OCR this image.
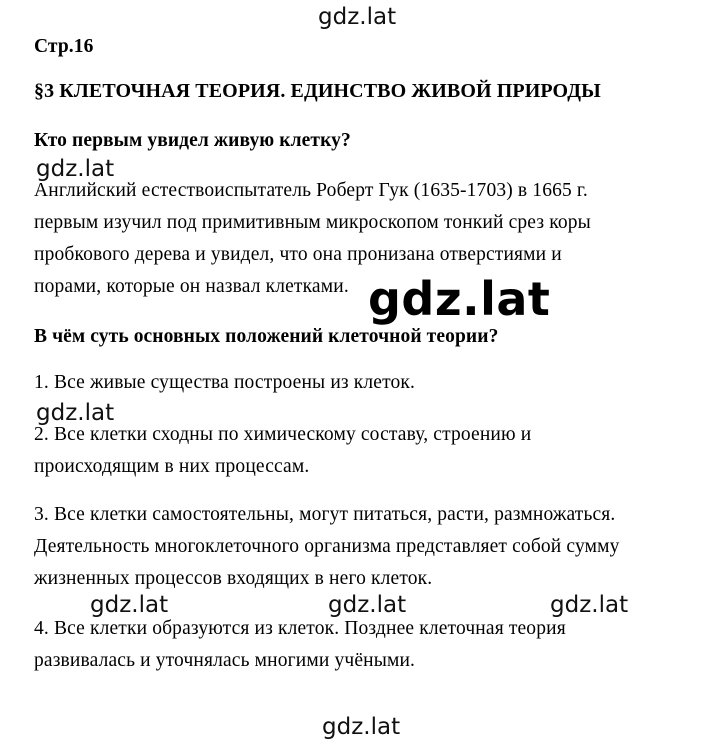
gdz.lat
Стр.16
§3 КЛЕТОЧНАЯ ТЕОРИЯ. ЕДИНСТВО ЖИВОЙ ПРИРОДЫ
Кто первым увидел живую клетку?
gdz.lat
Английский естествоиспытатель Роберт Гук (1635-1703) в 1665 г.
первым изучил под примитивным микроскопом тонкий срез коры
пробкового дерева и увидел, что она пронизана отверстиями и
порами, которые он назвал клетками. gdz.lat
В чём суть основных положений клеточной теории?
1. Все живые существа построены из клеток.
gdz.lat
2. Все клетки сходны по химическому составу, строению и
происходящим в них процессам.
3. Все клетки самостоятельны, могут питаться, расти, размножаться.
Деятельность многоклеточного организма представляет собой сумму
жизненных процессов входящих в него клеток.
gdz.lat	gdz.lat	gdz.lat
4. Все клетки образуются из клеток. Позднее клеточная теория
развивалась и уточнялась многими учёными.
gdz.lat
